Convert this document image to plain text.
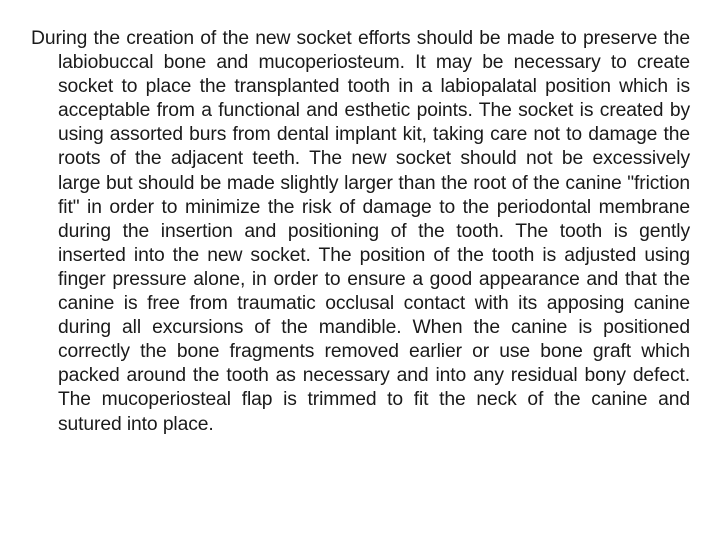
During the creation of the new socket efforts should be made to preserve the labiobuccal bone and mucoperiosteum. It may be necessary to create socket to place the transplanted tooth in a labiopalatal position which is acceptable from a functional and esthetic points. The socket is created by using assorted burs from dental implant kit, taking care not to damage the roots of the adjacent teeth. The new socket should not be excessively large but should be made slightly larger than the root of the canine "friction fit" in order to minimize the risk of damage to the periodontal membrane during the insertion and positioning of the tooth. The tooth is gently inserted into the new socket. The position of the tooth is adjusted using finger pressure alone, in order to ensure a good appearance and that the canine is free from traumatic occlusal contact with its apposing canine during all excursions of the mandible. When the canine is positioned correctly the bone fragments removed earlier or use bone graft which packed around the tooth as necessary and into any residual bony defect. The mucoperiosteal flap is trimmed to fit the neck of the canine and sutured into place.
